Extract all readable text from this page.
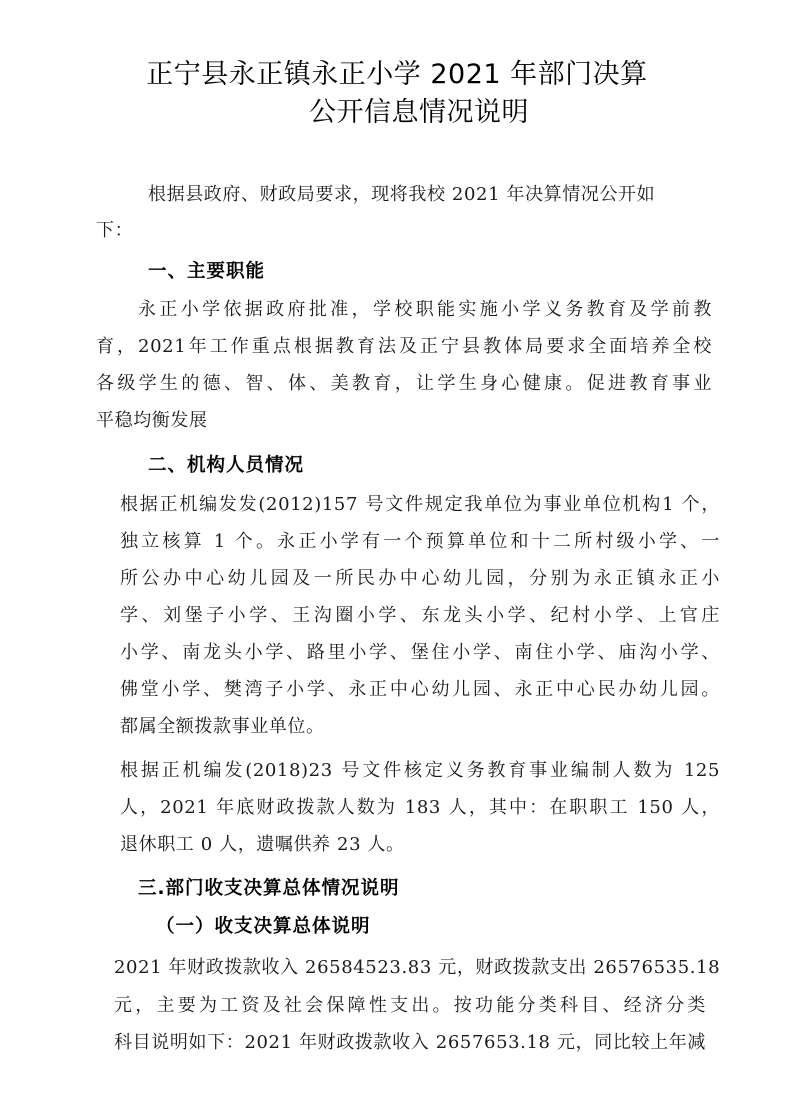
正宁县永正镇永正小学 2021 年部门决算
公开信息情况说明
根据县政府、财政局要求，现将我校 2021 年决算情况公开如
下：
一、主要职能
永正小学依据政府批准，学校职能实施小学义务教育及学前教
育，2021年工作重点根据教育法及正宁县教体局要求全面培养全校
各级学生的德、智、体、美教育，让学生身心健康。促进教育事业
平稳均衡发展
二、机构人员情况
根据正机编发发(2012)157 号文件规定我单位为事业单位机构1 个，
独立核算 1 个。永正小学有一个预算单位和十二所村级小学、一
所公办中心幼儿园及一所民办中心幼儿园，分别为永正镇永正小
学、刘堡子小学、王沟圈小学、东龙头小学、纪村小学、上官庄
小学、南龙头小学、路里小学、堡住小学、南住小学、庙沟小学、
佛堂小学、樊湾子小学、永正中心幼儿园、永正中心民办幼儿园。
都属全额拨款事业单位。
根据正机编发(2018)23 号文件核定义务教育事业编制人数为 125
人，2021 年底财政拨款人数为 183 人，其中：在职职工 150 人，
退休职工 0 人，遗嘱供养 23 人。
三.部门收支决算总体情况说明
（一）收支决算总体说明
2021 年财政拨款收入 26584523.83 元，财政拨款支出 26576535.18
元，主要为工资及社会保障性支出。按功能分类科目、经济分类
科目说明如下：2021 年财政拨款收入 2657653.18 元，同比较上年减
